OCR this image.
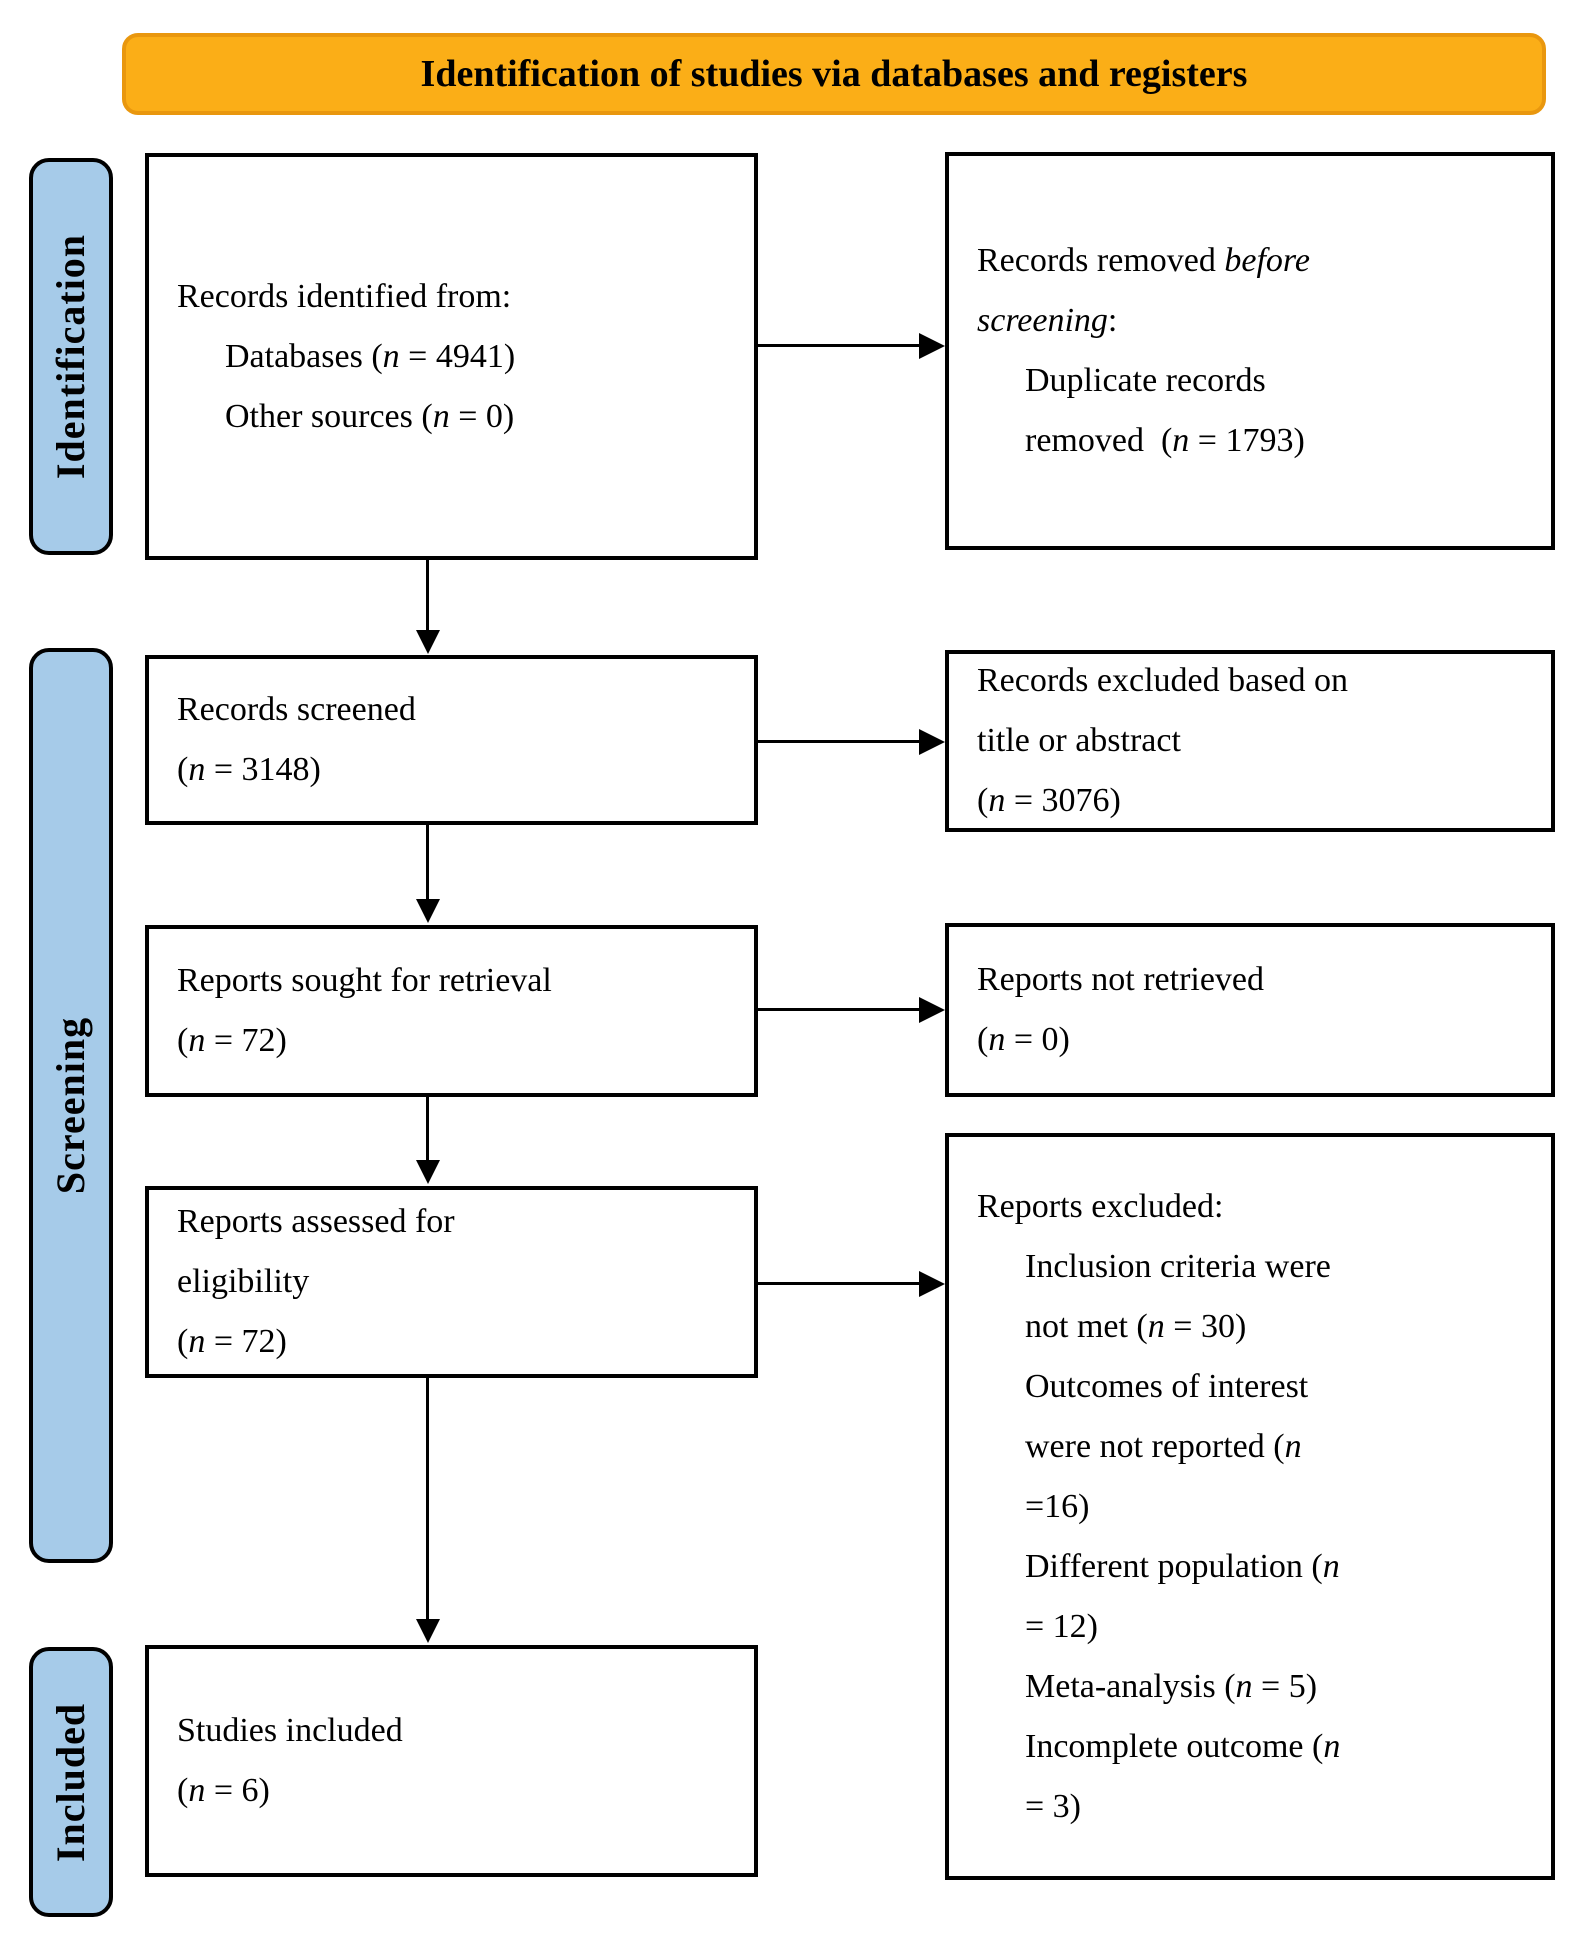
Identification of studies via databases and registers
Identification
Screening
Included
Records identified from:
Databases (n = 4941)
Other sources (n = 0)
Records screened
(n = 3148)
Reports sought for retrieval
(n = 72)
Reports assessed for
eligibility
(n = 72)
Studies included
(n = 6)
Records removed before
screening:
Duplicate records
removed  (n = 1793)
Records excluded based on
title or abstract
(n = 3076)
Reports not retrieved
(n = 0)
Reports excluded:
Inclusion criteria were
not met (n = 30)
Outcomes of interest
were not reported (n
=16)
Different population (n
= 12)
Meta-analysis (n = 5)
Incomplete outcome (n
= 3)
